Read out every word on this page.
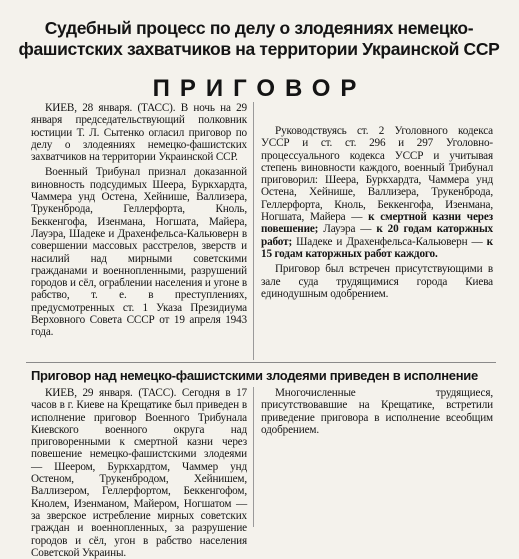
Судебный процесс по делу о злодеяниях немецко-фашистских захватчиков на территории Украинской ССР
ПРИГОВОР

КИЕВ, 28 января. (ТАСС). В ночь на 29 января председательствующий полковник юстиции Т. Л. Сытенко огласил приговор по делу о злодеяниях немецко-фашистских захватчиков на территории Украинской ССР.

Военный Трибунал признал доказанной виновность подсудимых Шеера, Буркхардта, Чаммера унд Остена, Хейнише, Валлизера, Трукенброда, Геллерфорта, Кноль, Беккенгофа, Изенмана, Ногшата, Майера, Лауэра, Шадеке и Драхенфельса-Кальюверн в совершении массовых расстрелов, зверств и насилий над мирными советскими гражданами и военнопленными, разрушений городов и сёл, ограблении населения и угоне в рабство, т. е. в преступлениях, предусмотренных ст. 1 Указа Президиума Верховного Совета СССР от 19 апреля 1943 года.

Руководствуясь ст. 2 Уголовного кодекса УССР и ст. ст. 296 и 297 Уголовно-процессуального кодекса УССР и учитывая степень виновности каждого, военный Трибунал приговорил: Шеера, Буркхардта, Чаммера унд Остена, Хейнише, Валлизера, Трукенброда, Геллерфорта, Кноль, Беккенгофа, Изенмана, Ногшата, Майера — к смертной казни через повешение; Лауэра — к 20 годам каторжных работ; Шадеке и Драхенфельса-Кальюверн — к 15 годам каторжных работ каждого.

Приговор был встречен присутствующими в зале суда трудящимися города Киева единодушным одобрением.

Приговор над немецко-фашистскими злодеями приведен в исполнение

КИЕВ, 29 января. (ТАСС). Сегодня в 17 часов в г. Киеве на Крещатике был приведен в исполнение приговор Военного Трибунала Киевского военного округа над приговоренными к смертной казни через повешение немецко-фашистскими злодеями — Шеером, Буркхардтом, Чаммер унд Остеном, Трукенбродом, Хейнишем, Валлизером, Геллерфортом, Беккенгофом, Кнолем, Изенманом, Майером, Ногшатом — за зверское истребление мирных советских граждан и военнопленных, за разрушение городов и сёл, угон в рабство населения Советской Украины.

Многочисленные трудящиеся, присутствовавшие на Крещатике, встретили приведение приговора в исполнение всеобщим одобрением.
